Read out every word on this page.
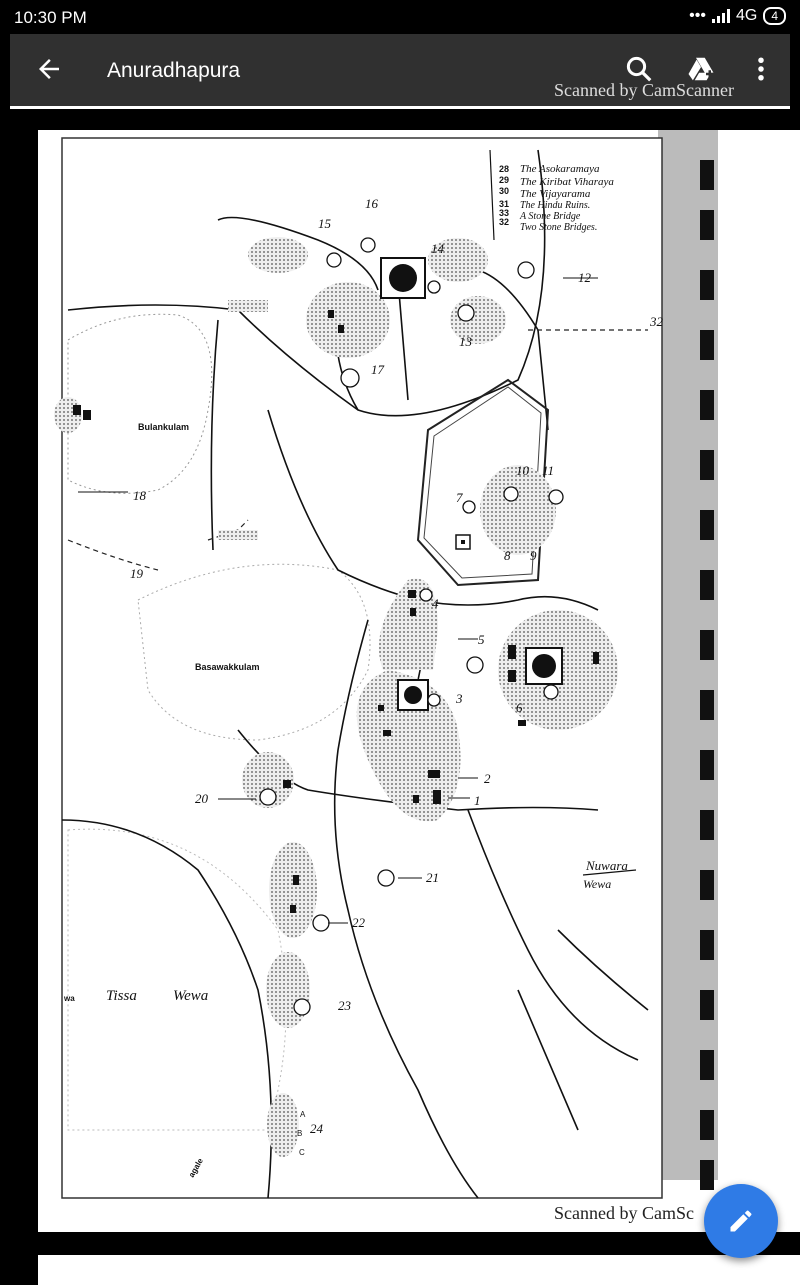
10:30 PM	••• 4G	4
Anuradhapura
Scanned by CamScanner
15
16
14
12
13
17
10 11
7
8 9
32
18
19
5
3
6
2
1
4
20
21
22
23
24
A
B
C
Bulankulam
Basawakkulam
Tissa Wewa
wa
Nuwara
Wewa
agale
28 The Asokaramaya
29 The Kiribat Viharaya
30 The Vijayarama
31 The Hindu Ruins.
33 A Stone Bridge
32 Two Stone Bridges.
Scanned by CamSc
